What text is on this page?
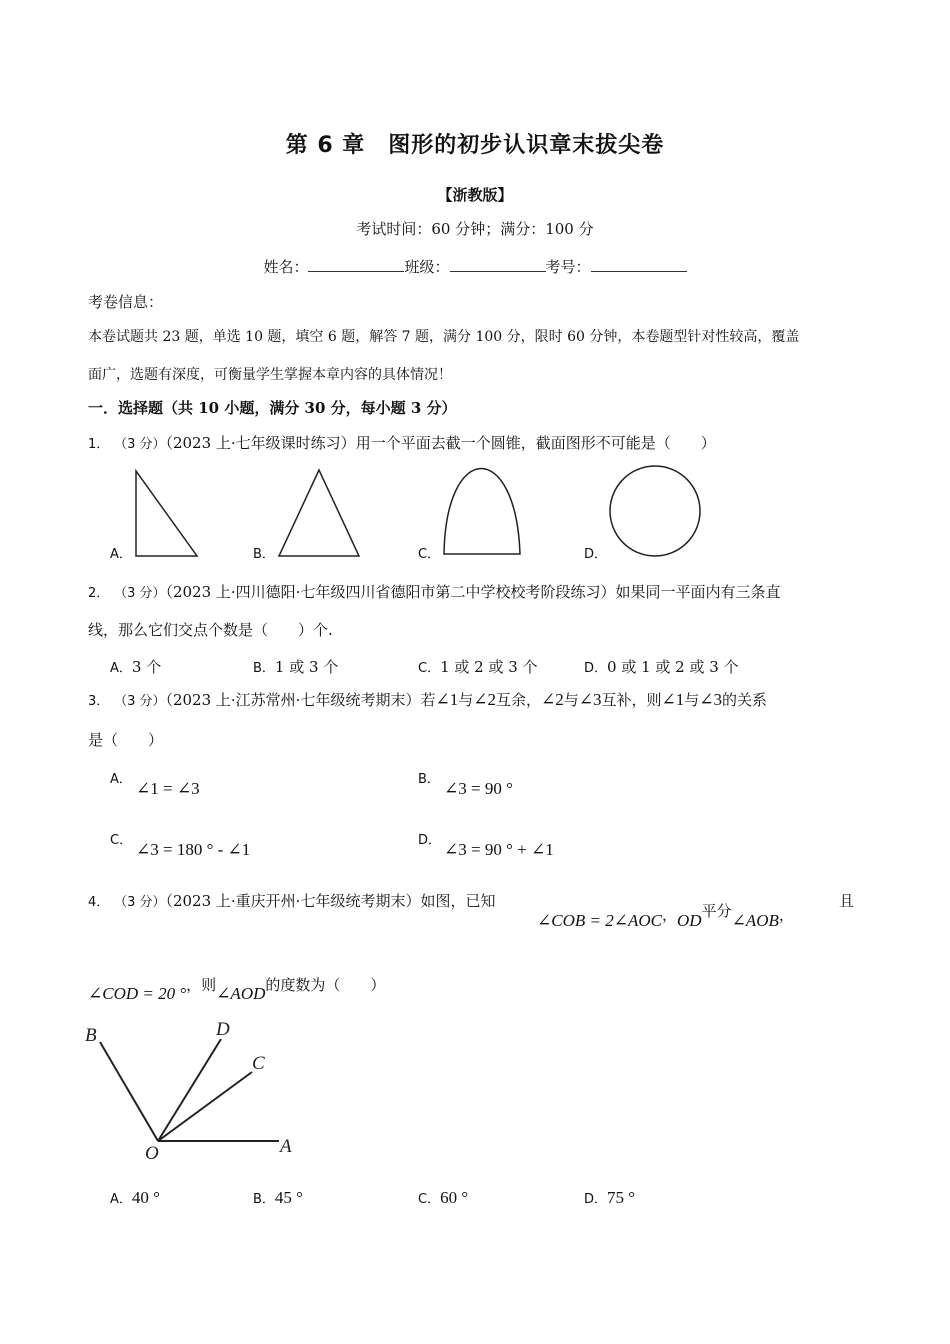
第 6 章　图形的初步认识章末拔尖卷
【浙教版】
考试时间：60 分钟；满分：100 分
姓名：	班级：	考号：
考卷信息：
本卷试题共 23 题，单选 10 题，填空 6 题，解答 7 题，满分 100 分，限时 60 分钟，本卷题型针对性较高，覆盖
面广，选题有深度，可衡量学生掌握本章内容的具体情况！
一．选择题（共 10 小题，满分 30 分，每小题 3 分）
1． （3 分）（2023 上·七年级课时练习）用一个平面去截一个圆锥，截面图形不可能是（　　）
A．	B．	C．	D．
2． （3 分）（2023 上·四川德阳·七年级四川省德阳市第二中学校校考阶段练习）如果同一平面内有三条直
线，那么它们交点个数是（　　）个.
A．3 个	B．1 或 3 个	C．1 或 2 或 3 个	D．0 或 1 或 2 或 3 个
3． （3 分）（2023 上·江苏常州·七年级统考期末）若∠1与∠2互余，∠2与∠3互补，则∠1与∠3的关系
是（　　）
A． ∠1 = ∠3	B． ∠3 = 90 °
C． ∠3 = 180 ° - ∠1	D． ∠3 = 90 ° + ∠1
4． （3 分）（2023 上·重庆开州·七年级统考期末）如图，已知
∠COB = 2∠AOC，OD平分∠AOB，
且
∠COD = 20 °，则∠AOD的度数为（　　）
B	D
C
A
O
A．40 °	B．45 °	C．60 °	D．75 °
